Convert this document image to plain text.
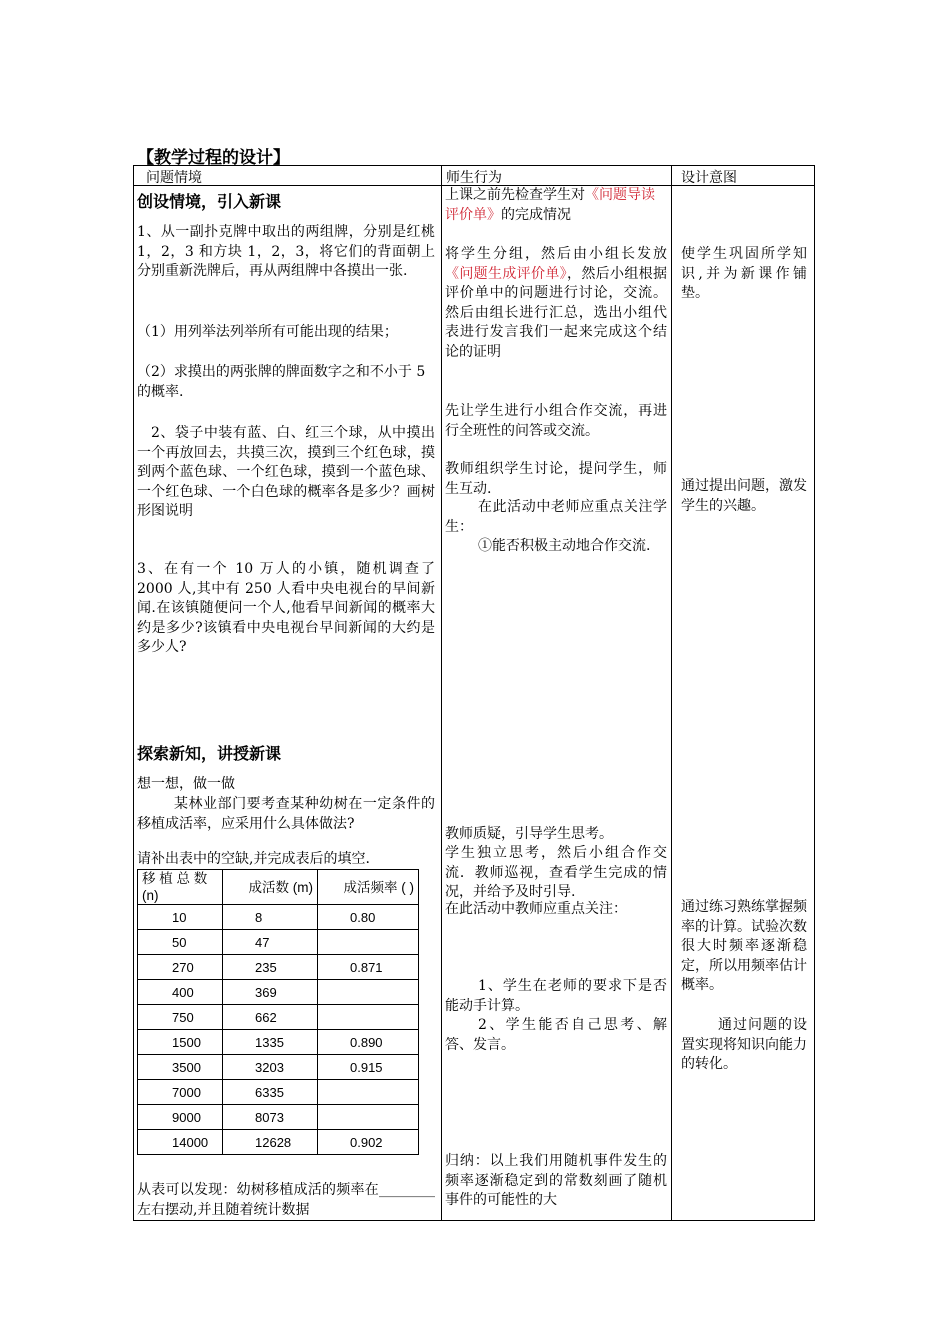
【教学过程的设计】
问题情境	师生行为	设计意图
创设情境，引入新课
1、从一副扑克牌中取出的两组牌，分别是红桃 1，2，3 和方块 1，2，3，将它们的背面朝上分别重新洗牌后，再从两组牌中各摸出一张.
（1）用列举法列举所有可能出现的结果；
（2）求摸出的两张牌的牌面数字之和不小于 5 的概率.
2、袋子中装有蓝、白、红三个球，从中摸出一个再放回去，共摸三次，摸到三个红色球，摸到两个蓝色球、一个红色球，摸到一个蓝色球、一个红色球、一个白色球的概率各是多少？画树形图说明
3、在有一个 10 万人的小镇，随机调查了 2000 人,其中有 250 人看中央电视台的早间新闻.在该镇随便问一个人,他看早间新闻的概率大约是多少?该镇看中央电视台早间新闻的大约是多少人?
探索新知，讲授新课
想一想，做一做
某林业部门要考查某种幼树在一定条件的移植成活率，应采用什么具体做法?
请补出表中的空缺,并完成表后的填空.
移 植 总 数 (n)	成活数 (m)	成活频率 ( )
10	8	0.80
50	47	
270	235	0.871
400	369	
750	662	
1500	1335	0.890
3500	3203	0.915
7000	6335	
9000	8073	
14000	12628	0.902
从表可以发现：幼树移植成活的频率在________左右摆动,并且随着统计数据
上课之前先检查学生对《问题导读评价单》的完成情况
将学生分组，然后由小组长发放《问题生成评价单》，然后小组根据评价单中的问题进行讨论，交流。然后由组长进行汇总，选出小组代表进行发言我们一起来完成这个结论的证明
先让学生进行小组合作交流，再进行全班性的问答或交流。
教师组织学生讨论，提问学生，师生互动.
在此活动中老师应重点关注学生：
①能否积极主动地合作交流.
教师质疑，引导学生思考。
学生独立思考，然后小组合作交流．教师巡视，查看学生完成的情况，并给予及时引导.
在此活动中教师应重点关注：
1、学生在老师的要求下是否能动手计算。
2、学生能否自己思考、解答、发言。
归纳：以上我们用随机事件发生的频率逐渐稳定到的常数刻画了随机事件的可能性的大
使学生巩固所学知识,并为新课作铺垫。
通过提出问题，激发学生的兴趣。
通过练习熟练掌握频率的计算。试验次数很大时频率逐渐稳定，所以用频率估计概率。
通过问题的设置实现将知识向能力的转化。
